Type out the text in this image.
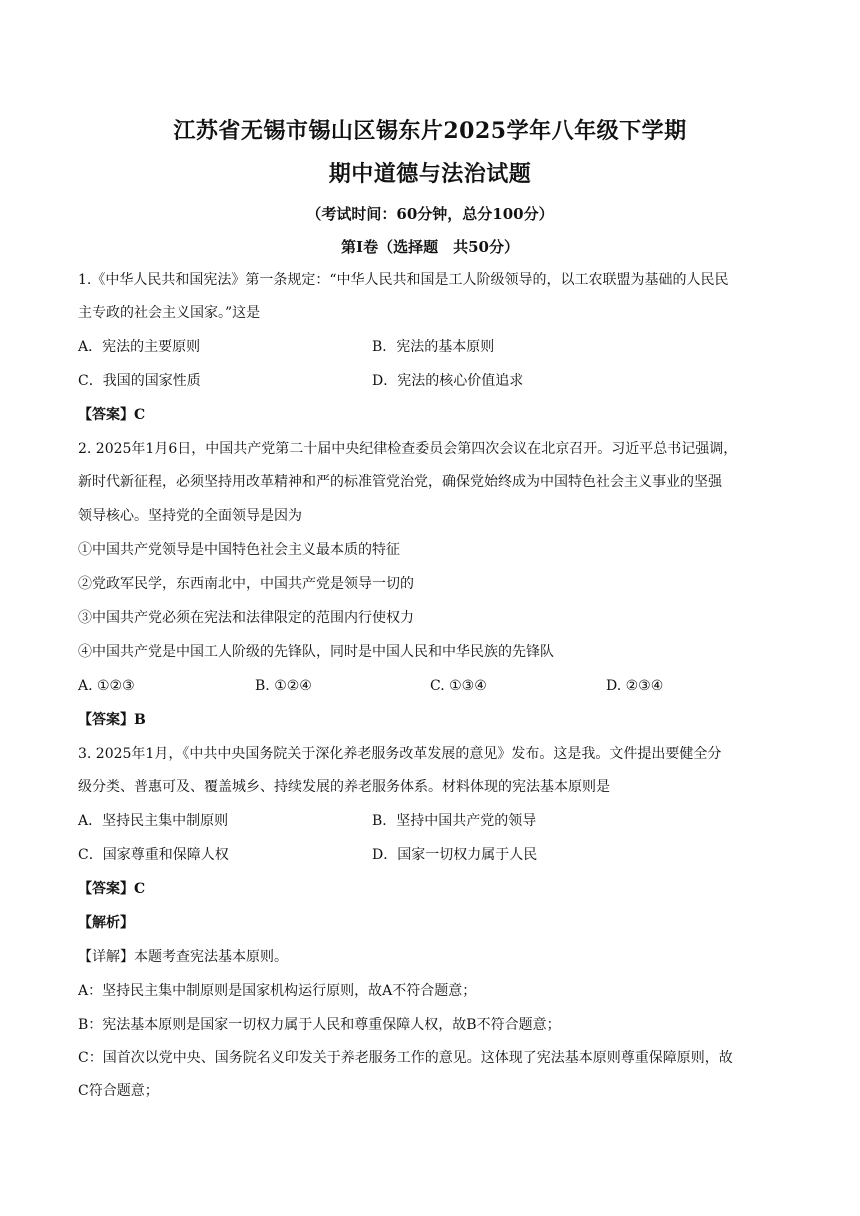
江苏省无锡市锡山区锡东片2025学年八年级下学期
期中道德与法治试题
（考试时间：60分钟，总分100分）
第Ⅰ卷（选择题　共50分）
1.《中华人民共和国宪法》第一条规定：“中华人民共和国是工人阶级领导的，以工农联盟为基础的人民民
主专政的社会主义国家。”这是
A．宪法的主要原则	B．宪法的基本原则
C．我国的国家性质	D．宪法的核心价值追求
【答案】C
2. 2025年1月6日，中国共产党第二十届中央纪律检查委员会第四次会议在北京召开。习近平总书记强调，
新时代新征程，必须坚持用改革精神和严的标准管党治党，确保党始终成为中国特色社会主义事业的坚强
领导核心。坚持党的全面领导是因为
①中国共产党领导是中国特色社会主义最本质的特征
②党政军民学，东西南北中，中国共产党是领导一切的
③中国共产党必须在宪法和法律限定的范围内行使权力
④中国共产党是中国工人阶级的先锋队，同时是中国人民和中华民族的先锋队
A. ①②③	B. ①②④	C. ①③④	D. ②③④
【答案】B
3. 2025年1月，《中共中央国务院关于深化养老服务改革发展的意见》发布。这是我。文件提出要健全分
级分类、普惠可及、覆盖城乡、持续发展的养老服务体系。材料体现的宪法基本原则是
A．坚持民主集中制原则	B．坚持中国共产党的领导
C．国家尊重和保障人权	D．国家一切权力属于人民
【答案】C
【解析】
【详解】本题考查宪法基本原则。
A：坚持民主集中制原则是国家机构运行原则，故A不符合题意；
B：宪法基本原则是国家一切权力属于人民和尊重保障人权，故B不符合题意；
C：国首次以党中央、国务院名义印发关于养老服务工作的意见。这体现了宪法基本原则尊重保障原则，故
C符合题意；
